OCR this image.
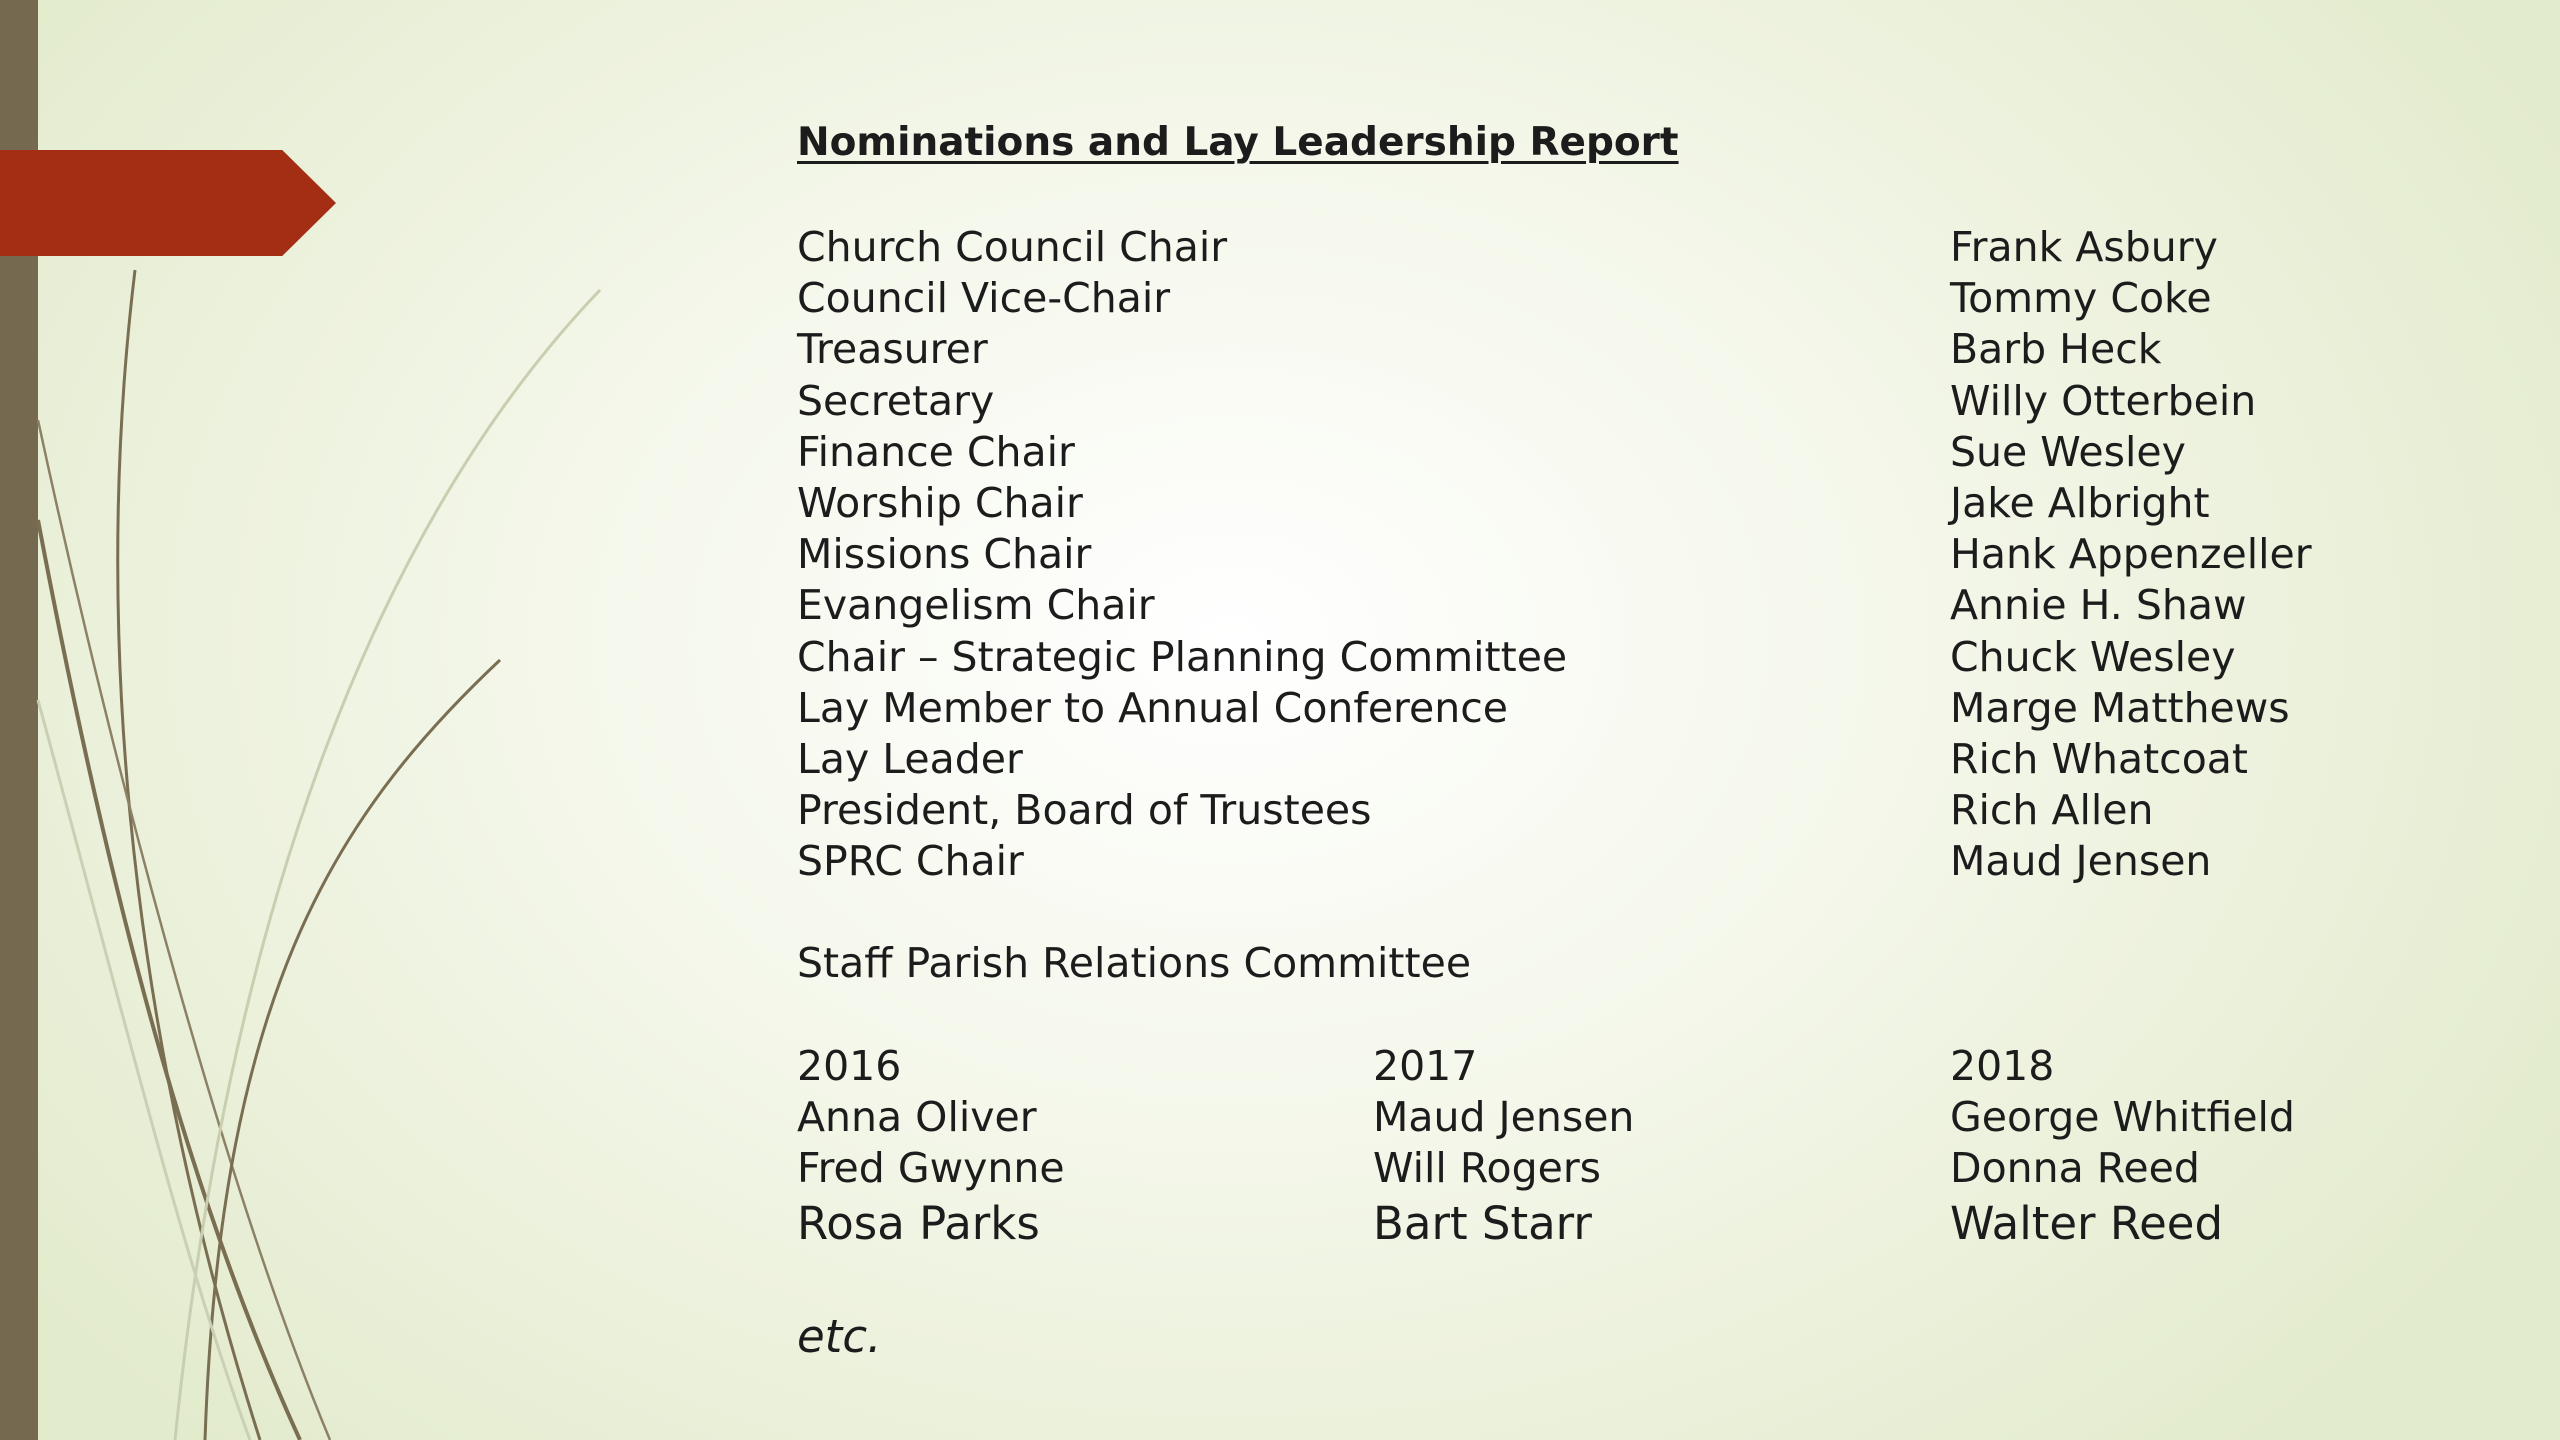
Nominations and Lay Leadership Report
Church Council Chair
Council Vice-Chair
Treasurer
Secretary
Finance Chair
Worship Chair
Missions Chair
Evangelism Chair
Chair – Strategic Planning Committee
Lay Member to Annual Conference
Lay Leader
President, Board of Trustees
SPRC Chair
Frank Asbury
Tommy Coke
Barb Heck
Willy Otterbein
Sue Wesley
Jake Albright
Hank Appenzeller
Annie H. Shaw
Chuck Wesley
Marge Matthews
Rich Whatcoat
Rich Allen
Maud Jensen
Staff Parish Relations Committee
2016
Anna Oliver
Fred Gwynne
Rosa Parks
2017
Maud Jensen
Will Rogers
Bart Starr
2018
George Whitfield
Donna Reed
Walter Reed
etc.
